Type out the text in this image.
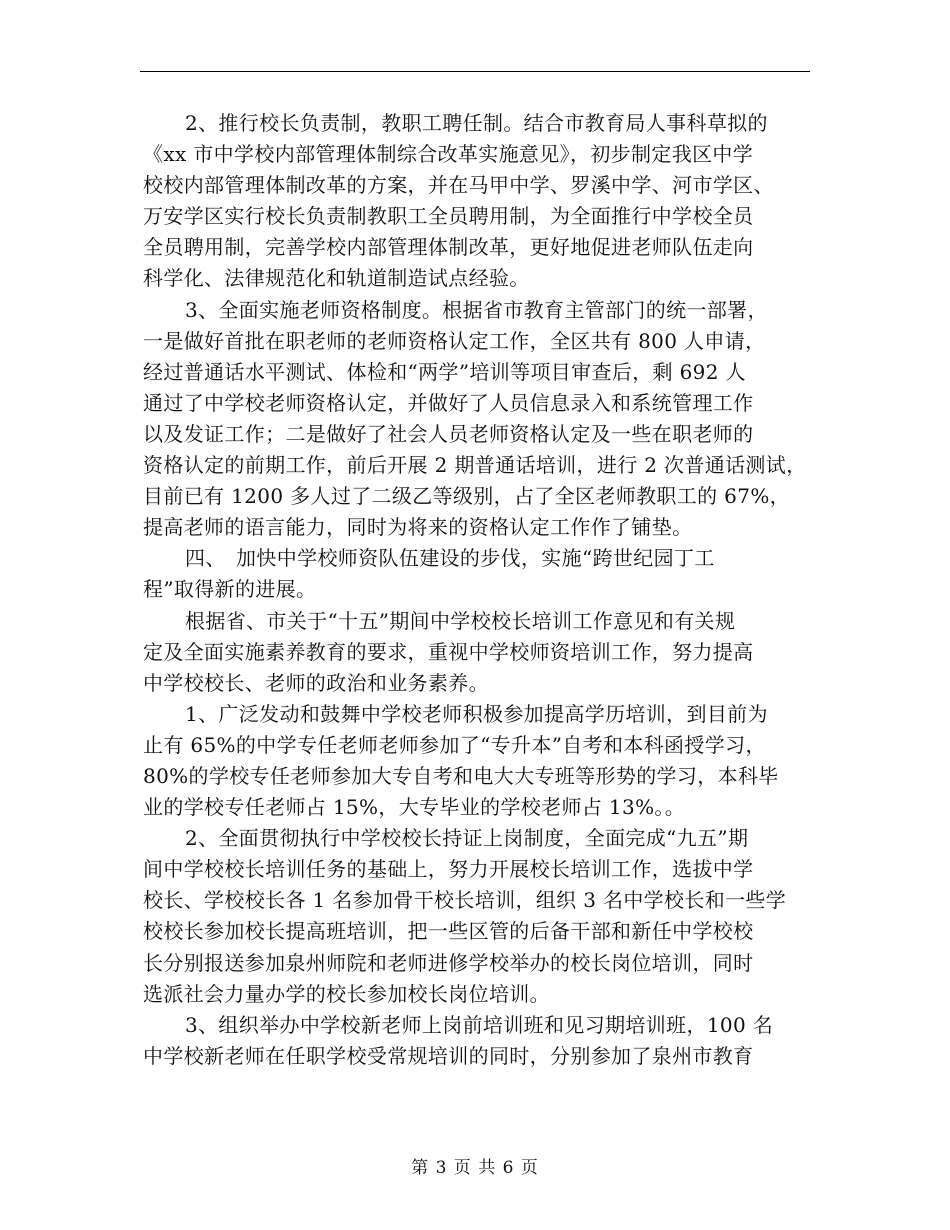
2、推行校长负责制，教职工聘任制。结合市教育局人事科草拟的
《xx 市中学校内部管理体制综合改革实施意见》，初步制定我区中学
校校内部管理体制改革的方案，并在马甲中学、罗溪中学、河市学区、
万安学区实行校长负责制教职工全员聘用制，为全面推行中学校全员
全员聘用制，完善学校内部管理体制改革，更好地促进老师队伍走向
科学化、法律规范化和轨道制造试点经验。
3、全面实施老师资格制度。根据省市教育主管部门的统一部署，
一是做好首批在职老师的老师资格认定工作，全区共有 800 人申请，
经过普通话水平测试、体检和“两学”培训等项目审查后，剩 692 人
通过了中学校老师资格认定，并做好了人员信息录入和系统管理工作
以及发证工作；二是做好了社会人员老师资格认定及一些在职老师的
资格认定的前期工作，前后开展 2 期普通话培训，进行 2 次普通话测试，
目前已有 1200 多人过了二级乙等级别，占了全区老师教职工的 67%，
提高老师的语言能力，同时为将来的资格认定工作作了铺垫。
四、　加快中学校师资队伍建设的步伐，实施“跨世纪园丁工
程”取得新的进展。
根据省、市关于“十五”期间中学校校长培训工作意见和有关规
定及全面实施素养教育的要求，重视中学校师资培训工作，努力提高
中学校校长、老师的政治和业务素养。
1、广泛发动和鼓舞中学校老师积极参加提高学历培训，到目前为
止有 65%的中学专任老师老师参加了“专升本”自考和本科函授学习，
80%的学校专任老师参加大专自考和电大大专班等形势的学习，本科毕
业的学校专任老师占 15%，大专毕业的学校老师占 13%。。
2、全面贯彻执行中学校校长持证上岗制度，全面完成“九五”期
间中学校校长培训任务的基础上，努力开展校长培训工作，选拔中学
校长、学校校长各 1 名参加骨干校长培训，组织 3 名中学校长和一些学
校校长参加校长提高班培训，把一些区管的后备干部和新任中学校校
长分别报送参加泉州师院和老师进修学校举办的校长岗位培训，同时
选派社会力量办学的校长参加校长岗位培训。
3、组织举办中学校新老师上岗前培训班和见习期培训班，100 名
中学校新老师在任职学校受常规培训的同时，分别参加了泉州市教育
第 3 页 共 6 页
